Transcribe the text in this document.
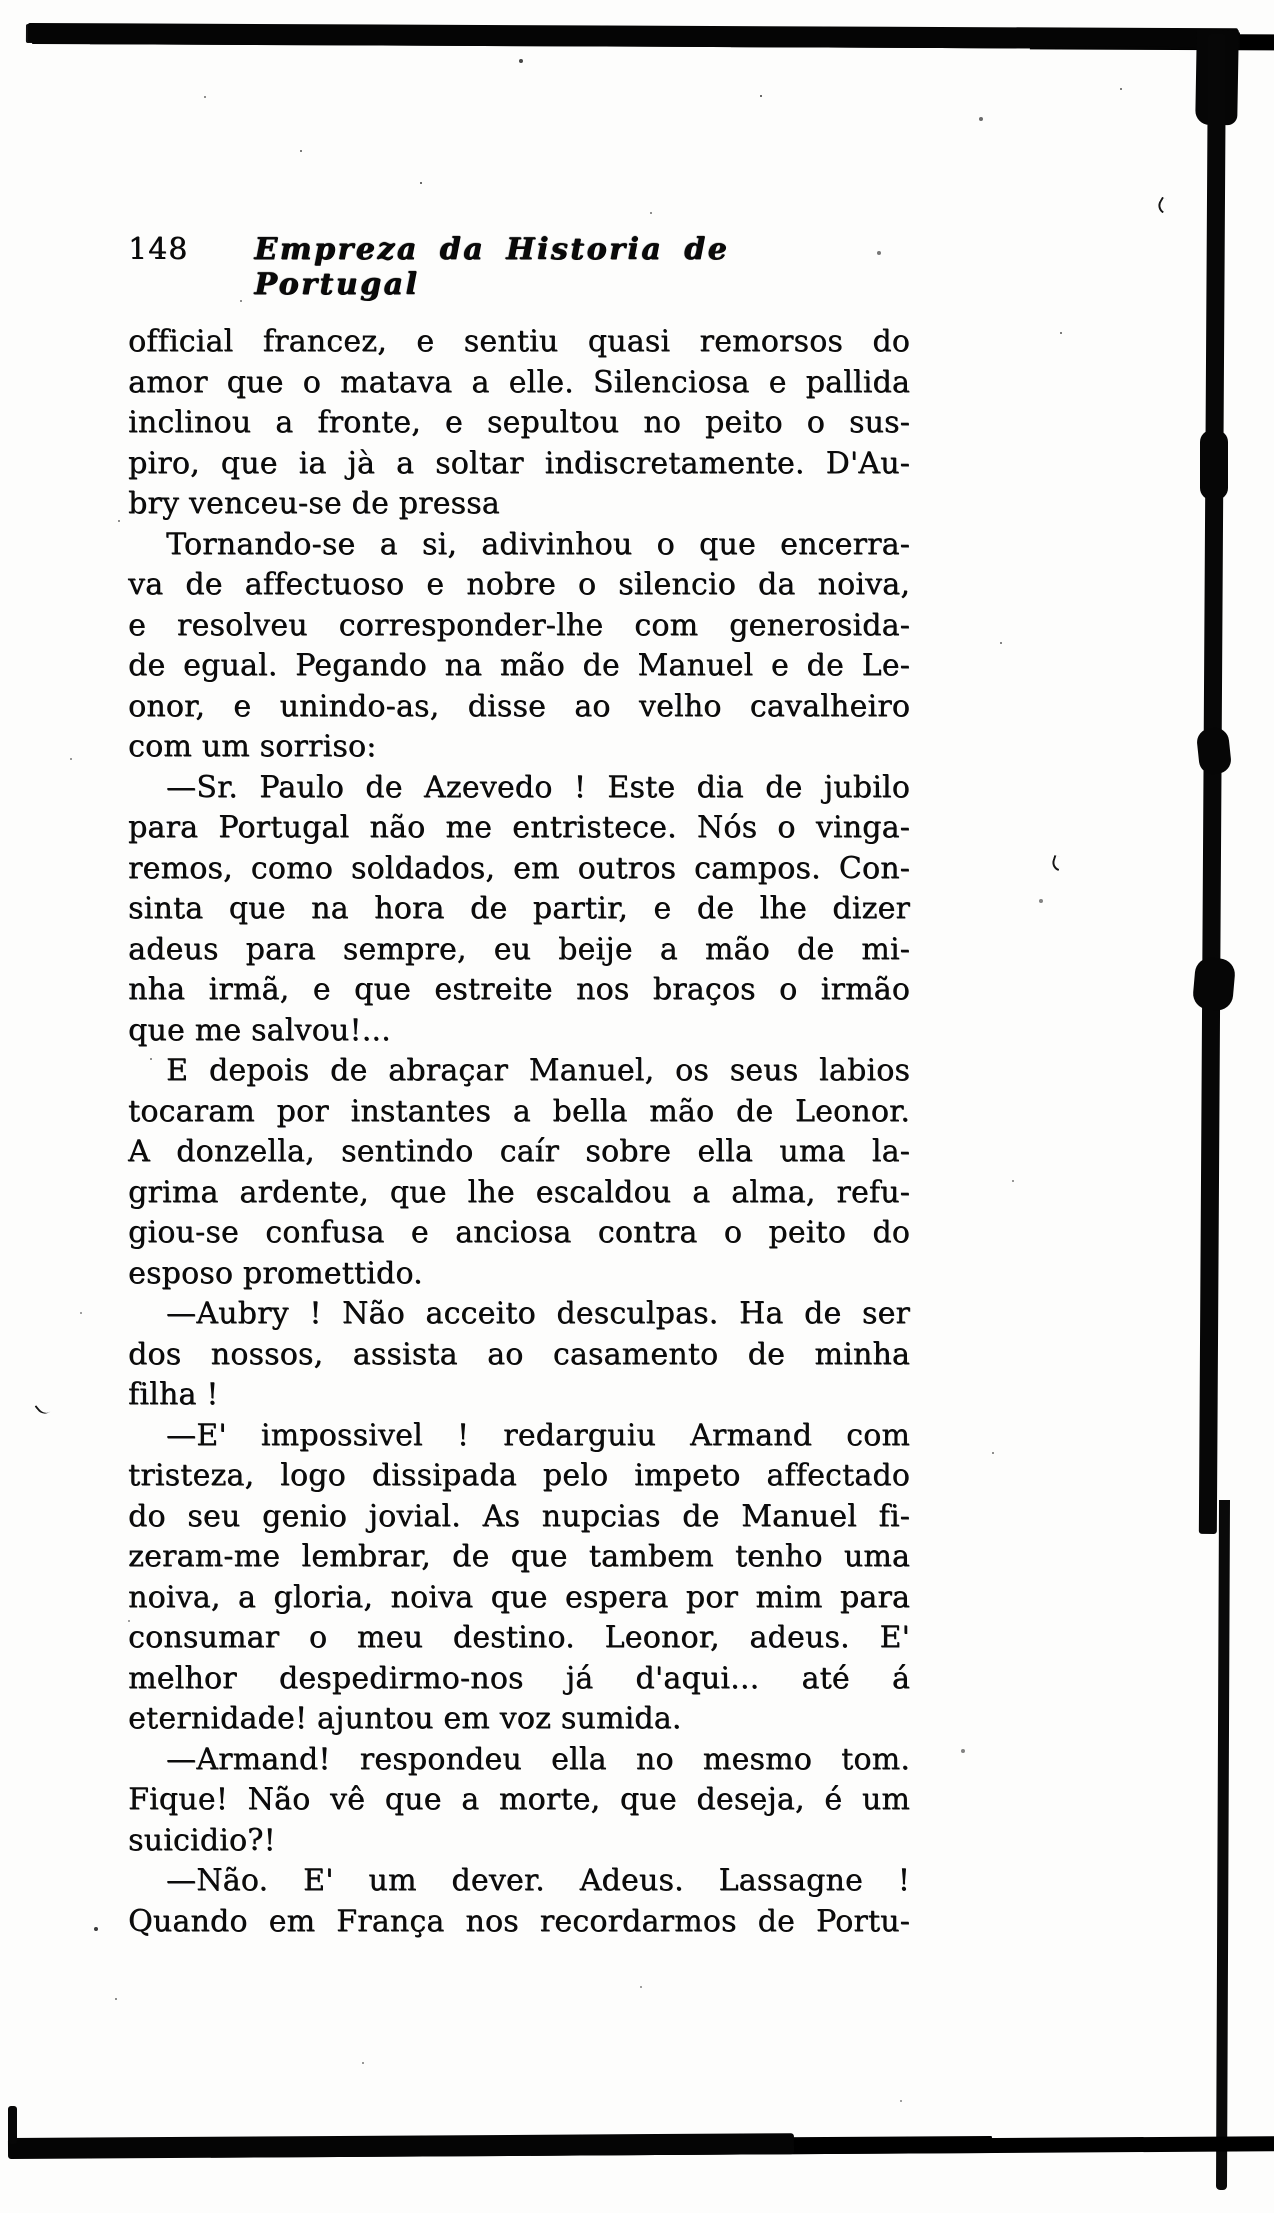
148 Empreza da Historia de Portugal
official francez, e sentiu quasi remorsos do
amor que o matava a elle. Silenciosa e pallida
inclinou a fronte, e sepultou no peito o sus-
piro, que ia jà a soltar indiscretamente. D'Au-
bry venceu-se de pressa
Tornando-se a si, adivinhou o que encerra-
va de affectuoso e nobre o silencio da noiva,
e resolveu corresponder-lhe com generosida-
de egual. Pegando na mão de Manuel e de Le-
onor, e unindo-as, disse ao velho cavalheiro
com um sorriso:
—Sr. Paulo de Azevedo ! Este dia de jubilo
para Portugal não me entristece. Nós o vinga-
remos, como soldados, em outros campos. Con-
sinta que na hora de partir, e de lhe dizer
adeus para sempre, eu beije a mão de mi-
nha irmã, e que estreite nos braços o irmão
que me salvou!...
E depois de abraçar Manuel, os seus labios
tocaram por instantes a bella mão de Leonor.
A donzella, sentindo caír sobre ella uma la-
grima ardente, que lhe escaldou a alma, refu-
giou-se confusa e anciosa contra o peito do
esposo promettido.
—Aubry ! Não acceito desculpas. Ha de ser
dos nossos, assista ao casamento de minha
filha !
—E' impossivel ! redarguiu Armand com
tristeza, logo dissipada pelo impeto affectado
do seu genio jovial. As nupcias de Manuel fi-
zeram-me lembrar, de que tambem tenho uma
noiva, a gloria, noiva que espera por mim para
consumar o meu destino. Leonor, adeus. E'
melhor despedirmo-nos já d'aqui... até á
eternidade! ajuntou em voz sumida.
—Armand! respondeu ella no mesmo tom.
Fique! Não vê que a morte, que deseja, é um
suicidio?!
—Não. E' um dever. Adeus. Lassagne !
Quando em França nos recordarmos de Portu-
